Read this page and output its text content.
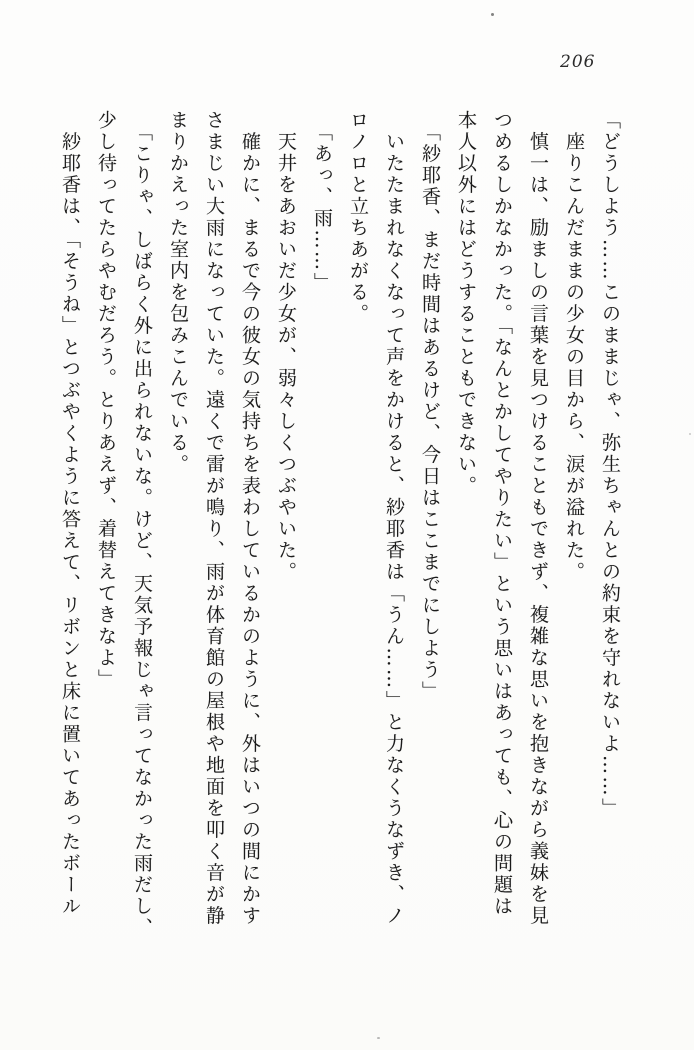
206
「どうしよう……このままじゃ、弥生ちゃんとの約束を守れないよ……」
　座りこんだままの少女の目から、涙が溢れた。
　慎一は、励ましの言葉を見つけることもできず、複雑な思いを抱きながら義妹を見
つめるしかなかった。「なんとかしてやりたい」という思いはあっても、心の問題は
本人以外にはどうすることもできない。
　「紗耶香、まだ時間はあるけど、今日はここまでにしよう」
　いたたまれなくなって声をかけると、紗耶香は「うん……」と力なくうなずき、ノ
ロノロと立ちあがる。
　「あっ、雨……」
　天井をあおいだ少女が、弱々しくつぶやいた。
　確かに、まるで今の彼女の気持ちを表わしているかのように、外はいつの間にかす
さまじい大雨になっていた。遠くで雷が鳴り、雨が体育館の屋根や地面を叩く音が静
まりかえった室内を包みこんでいる。
　「こりゃ、しばらく外に出られないな。けど、天気予報じゃ言ってなかった雨だし、
少し待ってたらやむだろう。とりあえず、着替えてきなよ」
　紗耶香は、「そうね」とつぶやくように答えて、リボンと床に置いてあったボール
